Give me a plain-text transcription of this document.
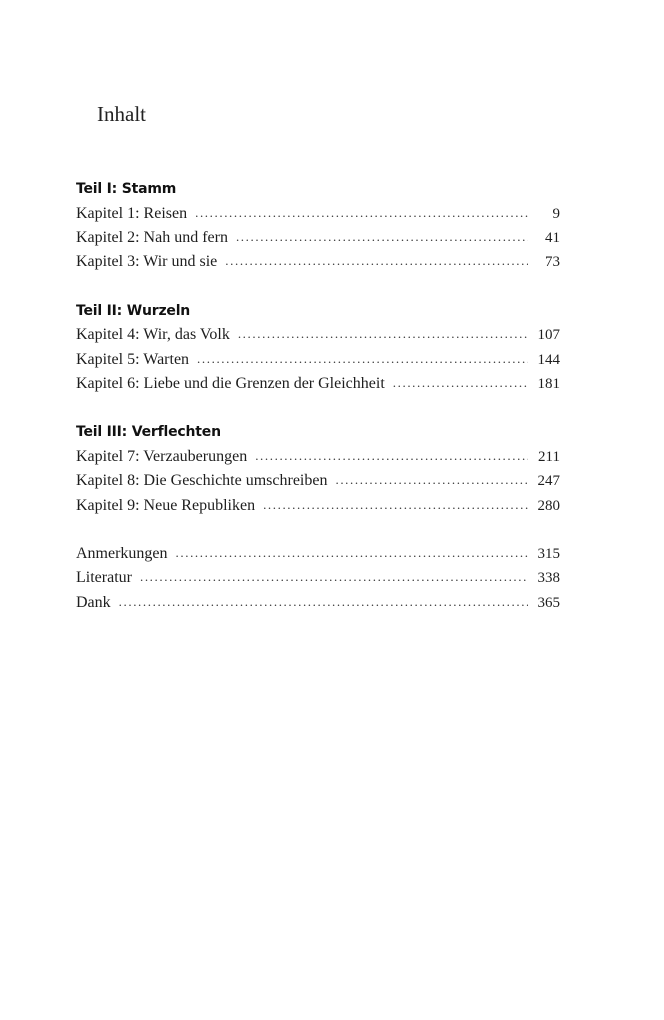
Inhalt
Teil I: Stamm
Kapitel 1: Reisen .....	9
Kapitel 2: Nah und fern .....	41
Kapitel 3: Wir und sie .....	73
Teil II: Wurzeln
Kapitel 4: Wir, das Volk .....	107
Kapitel 5: Warten .....	144
Kapitel 6: Liebe und die Grenzen der Gleichheit .....	181
Teil III: Verflechten
Kapitel 7: Verzauberungen .....	211
Kapitel 8: Die Geschichte umschreiben .....	247
Kapitel 9: Neue Republiken .....	280
Anmerkungen .....	315
Literatur .....	338
Dank .....	365
